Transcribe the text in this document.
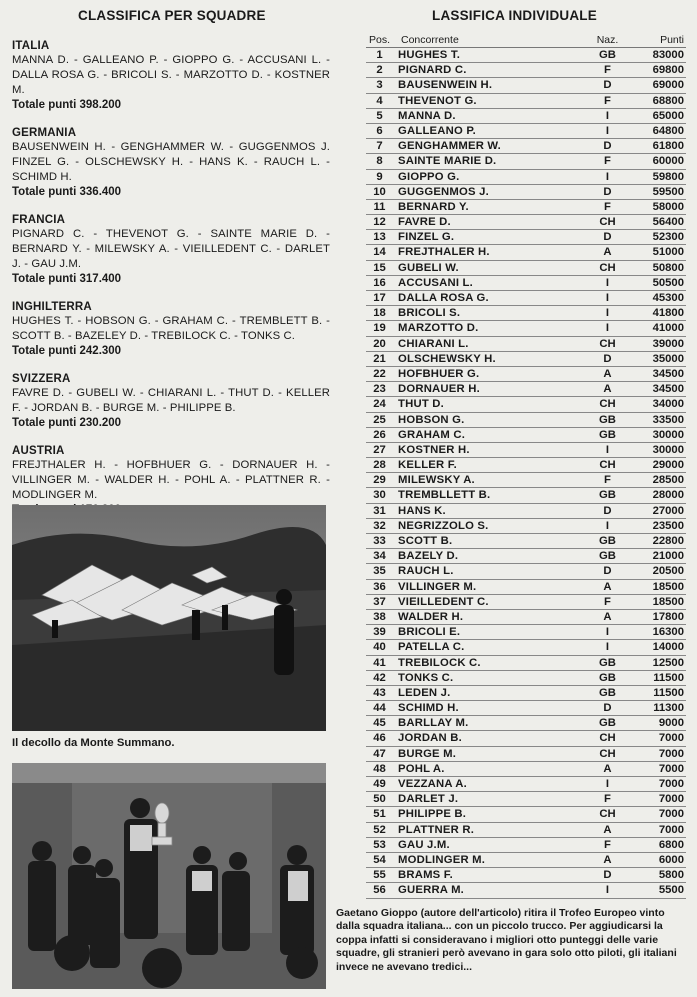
CLASSIFICA PER SQUADRE
ITALIA
MANNA D. - GALLEANO P. - GIOPPO G. - ACCUSANI L. - DALLA ROSA G. - BRICOLI S. - MARZOTTO D. - KOSTNER M.
Totale punti 398.200
GERMANIA
BAUSENWEIN H. - GENGHAMMER W. - GUGGENMOS J. FINZEL G. - OLSCHEWSKY H. - HANS K. - RAUCH L. - SCHIMD H.
Totale punti 336.400
FRANCIA
PIGNARD C. - THEVENOT G. - SAINTE MARIE D. - BERNARD Y. - MILEWSKY A. - VIEILLEDENT C. - DARLET J. - GAU J.M.
Totale punti 317.400
INGHILTERRA
HUGHES T. - HOBSON G. - GRAHAM C. - TREMBLETT B. - SCOTT B. - BAZELEY D. - TREBILOCK C. - TONKS C.
Totale punti 242.300
SVIZZERA
FAVRE D. - GUBELI W. - CHIARANI L. - THUT D. - KELLER F. - JORDAN B. - BURGE M. - PHILIPPE B.
Totale punti 230.200
AUSTRIA
FREJTHALER H. - HOFBHUER G. - DORNAUER H. - VILLINGER M. - WALDER H. - POHL A. - PLATTNER R. - MODLINGER M.
Il decollo da Monte Summano.
LASSIFICA INDIVIDUALE
Pos.	Concorrente	Naz.	Punti
1	HUGHES T.	GB	83000
2	PIGNARD C.	F	69800
3	BAUSENWEIN H.	D	69000
4	THEVENOT G.	F	68800
5	MANNA D.	I	65000
6	GALLEANO P.	I	64800
7	GENGHAMMER W.	D	61800
8	SAINTE MARIE D.	F	60000
9	GIOPPO G.	I	59800
10	GUGGENMOS J.	D	59500
11	BERNARD Y.	F	58000
12	FAVRE D.	CH	56400
13	FINZEL G.	D	52300
14	FREJTHALER H.	A	51000
15	GUBELI W.	CH	50800
16	ACCUSANI L.	I	50500
17	DALLA ROSA G.	I	45300
18	BRICOLI S.	I	41800
19	MARZOTTO D.	I	41000
20	CHIARANI L.	CH	39000
21	OLSCHEWSKY H.	D	35000
22	HOFBHUER G.	A	34500
23	DORNAUER H.	A	34500
24	THUT D.	CH	34000
25	HOBSON G.	GB	33500
26	GRAHAM C.	GB	30000
27	KOSTNER H.	I	30000
28	KELLER F.	CH	29000
29	MILEWSKY A.	F	28500
30	TREMBLLETT B.	GB	28000
31	HANS K.	D	27000
32	NEGRIZZOLO S.	I	23500
33	SCOTT B.	GB	22800
34	BAZELY D.	GB	21000
35	RAUCH L.	D	20500
36	VILLINGER M.	A	18500
37	VIEILLEDENT C.	F	18500
38	WALDER H.	A	17800
39	BRICOLI E.	I	16300
40	PATELLA C.	I	14000
41	TREBILOCK C.	GB	12500
42	TONKS C.	GB	11500
43	LEDEN J.	GB	11500
44	SCHIMD H.	D	11300
45	BARLLAY M.	GB	9000
46	JORDAN B.	CH	7000
47	BURGE M.	CH	7000
48	POHL A.	A	7000
49	VEZZANA A.	I	7000
50	DARLET J.	F	7000
51	PHILIPPE B.	CH	7000
52	PLATTNER R.	A	7000
53	GAU J.M.	F	6800
54	MODLINGER M.	A	6000
55	BRAMS F.	D	5800
56	GUERRA M.	I	5500
Gaetano Gioppo (autore dell'articolo) ritira il Trofeo Europeo vinto dalla squadra italiana... con un piccolo trucco. Per aggiudicarsi la coppa infatti si consideravano i migliori otto punteggi delle varie squadre, gli stranieri però avevano in gara solo otto piloti, gli italiani invece ne avevano tredici...
